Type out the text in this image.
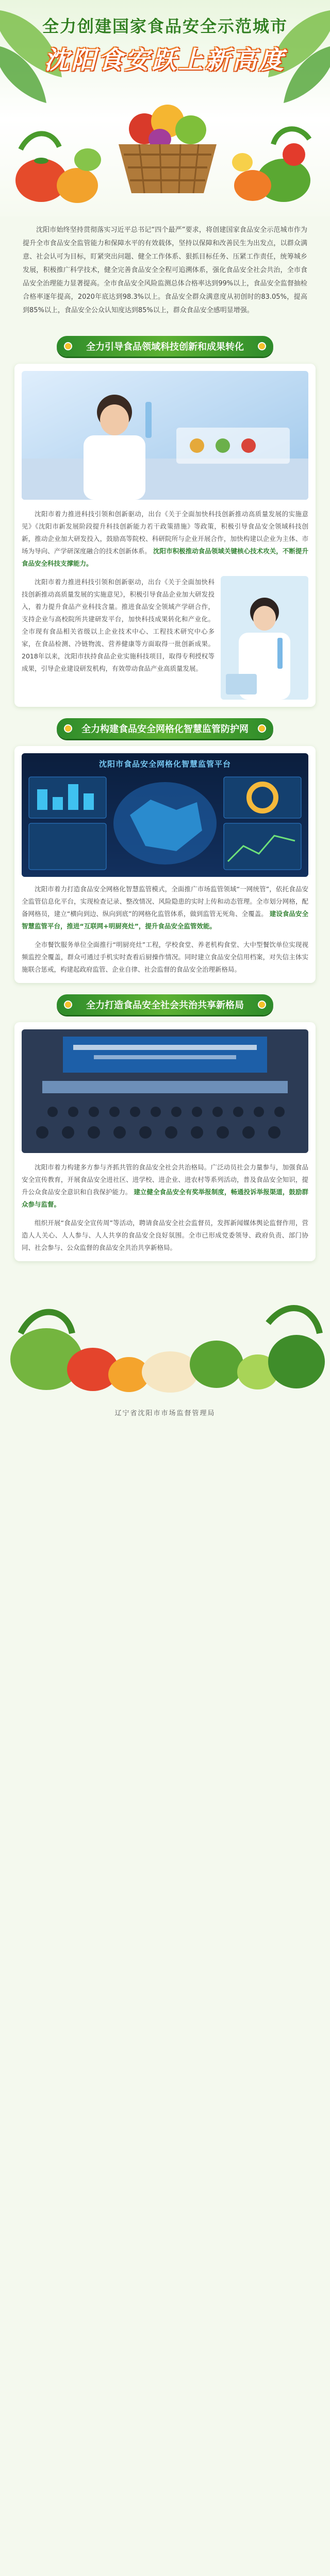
全力创建国家食品安全示范城市
沈阳食安跃上新高度

沈阳市始终坚持贯彻落实习近平总书记“四个最严”要求，将创建国家食品安全示范城市作为提升全市食品安全监管能力和保障水平的有效载体，坚持以保障和改善民生为出发点，以群众满意、社会认可为目标，盯紧突出问题、健全工作体系、狠抓目标任务、压紧工作责任，统筹城乡发展，积极推广科学技术，健全完善食品安全全程可追溯体系，强化食品安全社会共治，全市食品安全治理能力显著提高。全市食品安全风险监测总体合格率达到99%以上，食品安全监督抽检合格率逐年提高，2020年底达到98.3%以上。食品安全群众满意度从初创时的83.05%，提高到85%以上，食品安全公众认知度达到85%以上，群众食品安全感明显增强。

全力引导食品领域科技创新和成果转化

沈阳市着力推进科技引领和创新驱动，出台《关于全面加快科技创新推动高质量发展的实施意见》《沈阳市新发展阶段提升科技创新能力若干政策措施》等政策，积极引导食品安全领域科技创新，推动企业加大研发投入，鼓励高等院校、科研院所与企业开展合作，加快构建以企业为主体、市场为导向、产学研深度融合的技术创新体系。 沈阳市积极推动食品领域关键核心技术攻关，不断提升食品安全科技支撑能力。

沈阳市着力推进科技引领和创新驱动，出台《关于全面加快科技创新推动高质量发展的实施意见》，积极引导食品企业加大研发投入，着力提升食品产业科技含量。推进食品安全领域产学研合作，支持企业与高校院所共建研发平台，加快科技成果转化和产业化。全市现有食品相关省级以上企业技术中心、工程技术研究中心多家，在食品检测、冷链物流、营养健康等方面取得一批创新成果。2018年以来，沈阳市扶持食品企业实施科技项目，取得专利授权等成果，引导企业建设研发机构，有效带动食品产业高质量发展。

全力构建食品安全网格化智慧监管防护网
沈阳市食品安全网格化智慧监管平台

沈阳市着力打造食品安全网格化智慧监管模式，全面推广市场监管领域“一网统管”，依托食品安全监管信息化平台，实现检查记录、整改情况、风险隐患的实时上传和动态管理。全市划分网格，配备网格员，建立“横向到边、纵向到底”的网格化监管体系，做到监管无死角、全覆盖。 建设食品安全智慧监管平台，推进“互联网+明厨亮灶”，提升食品安全监管效能。

全市餐饮服务单位全面推行“明厨亮灶”工程，学校食堂、养老机构食堂、大中型餐饮单位实现视频监控全覆盖，群众可通过手机实时查看后厨操作情况。同时建立食品安全信用档案，对失信主体实施联合惩戒，构建起政府监管、企业自律、社会监督的食品安全治理新格局。

全力打造食品安全社会共治共享新格局

沈阳市着力构建多方参与齐抓共管的食品安全社会共治格局。广泛动员社会力量参与，加强食品安全宣传教育，开展食品安全进社区、进学校、进企业、进农村等系列活动，普及食品安全知识，提升公众食品安全意识和自我保护能力。 建立健全食品安全有奖举报制度，畅通投诉举报渠道，鼓励群众参与监督。

组织开展“食品安全宣传周”等活动，聘请食品安全社会监督员，发挥新闻媒体舆论监督作用，营造人人关心、人人参与、人人共享的食品安全良好氛围。全市已形成党委领导、政府负责、部门协同、社会参与、公众监督的食品安全共治共享新格局。

辽宁省沈阳市市场监督管理局
